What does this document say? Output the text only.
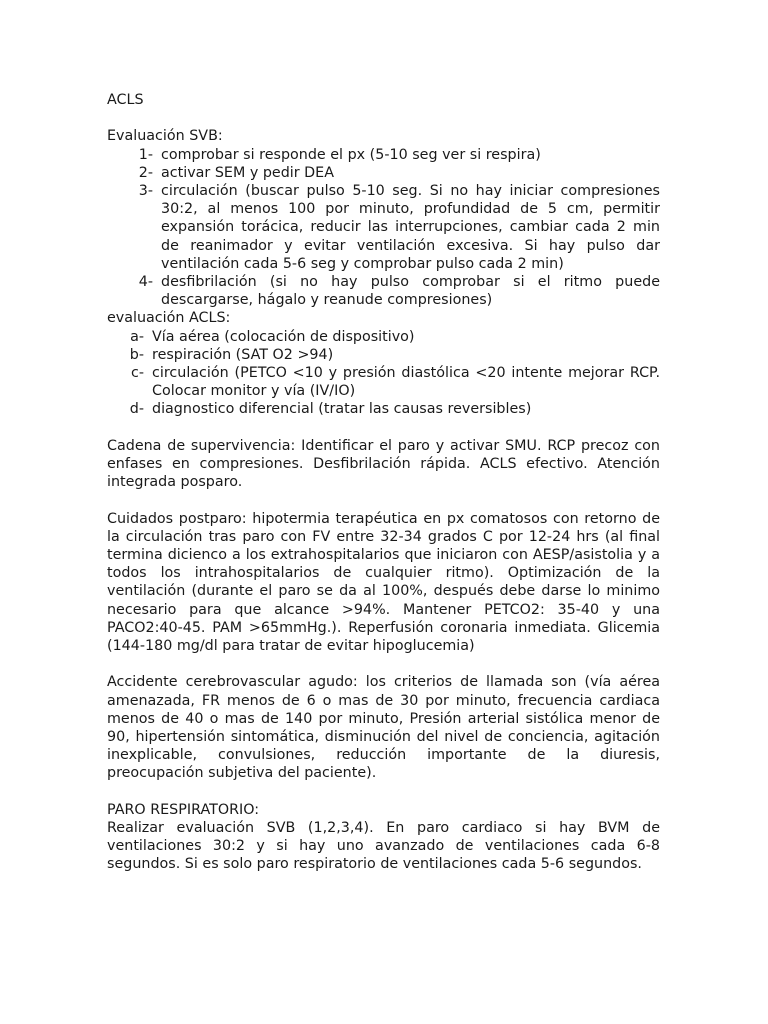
ACLS

Evaluación SVB:

1- comprobar si responde el px (5-10 seg ver si respira)
2- activar SEM y pedir DEA
3- circulación (buscar pulso 5-10 seg. Si no hay iniciar compresiones 30:2, al menos 100 por minuto, profundidad de 5 cm, permitir expansión torácica, reducir las interrupciones, cambiar cada 2 min de reanimador y evitar ventilación excesiva. Si hay pulso dar ventilación cada 5-6 seg y comprobar pulso cada 2 min)
4- desfibrilación (si no hay pulso comprobar si el ritmo puede descargarse, hágalo y reanude compresiones)

evaluación ACLS:

a- Vía aérea (colocación de dispositivo)
b- respiración (SAT O2 >94)
c- circulación (PETCO <10 y presión diastólica <20 intente mejorar RCP. Colocar monitor y vía (IV/IO)
d- diagnostico diferencial (tratar las causas reversibles)

Cadena de supervivencia: Identificar el paro y activar SMU. RCP precoz con enfases en compresiones. Desfibrilación rápida. ACLS efectivo. Atención integrada posparo.

Cuidados postparo: hipotermia terapéutica en px comatosos con retorno de la circulación tras paro con FV entre 32-34 grados C por 12-24 hrs (al final termina dicienco a los extrahospitalarios que iniciaron con AESP/asistolia y a todos los intrahospitalarios de cualquier ritmo). Optimización de la ventilación (durante el paro se da al 100%, después debe darse lo minimo necesario para que alcance >94%. Mantener PETCO2: 35-40 y una PACO2:40-45. PAM >65mmHg.). Reperfusión coronaria inmediata. Glicemia (144-180 mg/dl para tratar de evitar hipoglucemia)

Accidente cerebrovascular agudo: los criterios de llamada son (vía aérea amenazada, FR menos de 6 o mas de 30 por minuto, frecuencia cardiaca menos de 40 o mas de 140 por minuto, Presión arterial sistólica menor de 90, hipertensión sintomática, disminución del nivel de conciencia, agitación inexplicable, convulsiones, reducción importante de la diuresis, preocupación subjetiva del paciente).

PARO RESPIRATORIO:

Realizar evaluación SVB (1,2,3,4). En paro cardiaco si hay BVM de ventilaciones 30:2 y si hay uno avanzado de ventilaciones cada 6-8 segundos. Si es solo paro respiratorio de ventilaciones cada 5-6 segundos.
